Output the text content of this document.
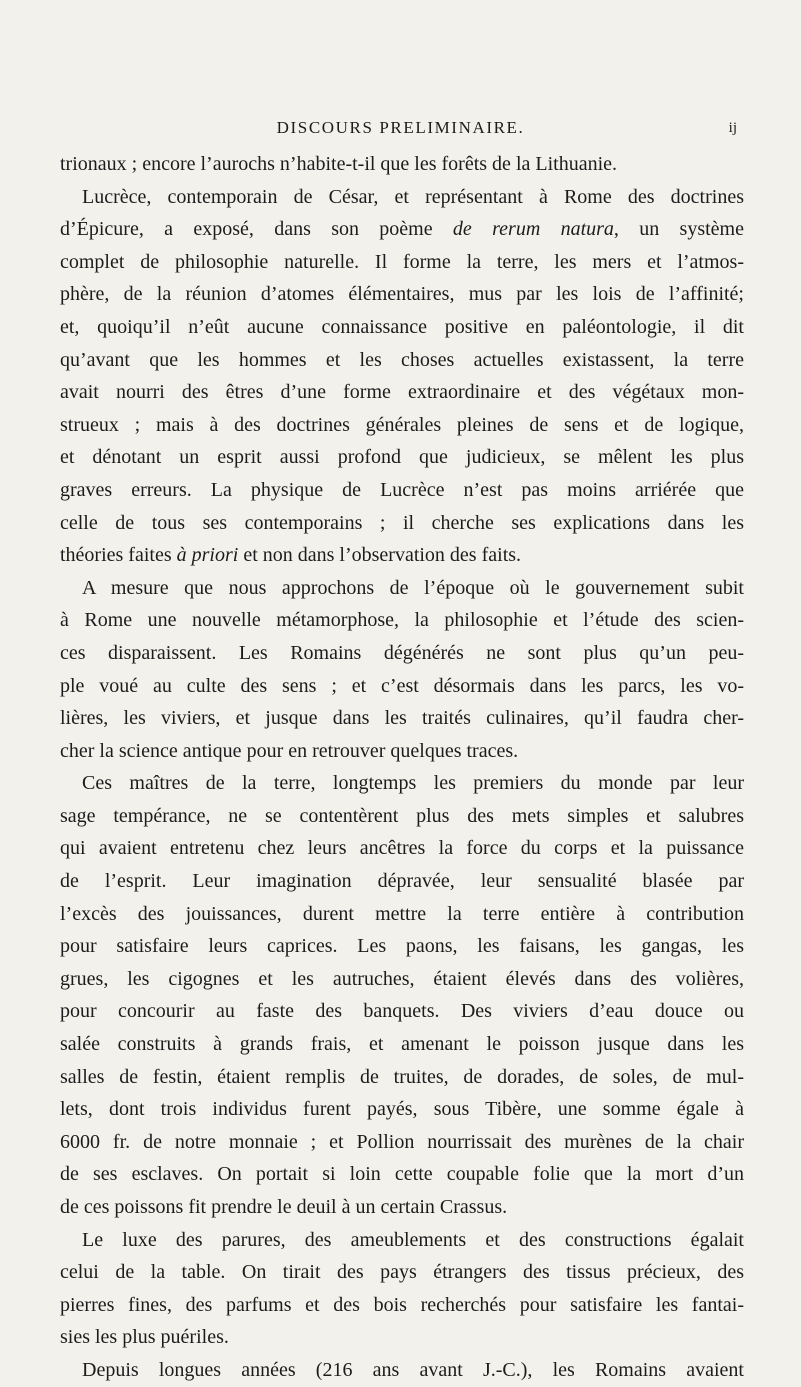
DISCOURS PRELIMINAIRE.	ij
trionaux ; encore l’aurochs n’habite-t-il que les forêts de la Lithuanie.
Lucrèce, contemporain de César, et représentant à Rome des doctrines
d’Épicure, a exposé, dans son poème de rerum natura, un système
complet de philosophie naturelle. Il forme la terre, les mers et l’atmos-
phère, de la réunion d’atomes élémentaires, mus par les lois de l’affinité;
et, quoiqu’il n’eût aucune connaissance positive en paléontologie, il dit
qu’avant que les hommes et les choses actuelles existassent, la terre
avait nourri des êtres d’une forme extraordinaire et des végétaux mon-
strueux ; mais à des doctrines générales pleines de sens et de logique,
et dénotant un esprit aussi profond que judicieux, se mêlent les plus
graves erreurs. La physique de Lucrèce n’est pas moins arriérée que
celle de tous ses contemporains ; il cherche ses explications dans les
théories faites à priori et non dans l’observation des faits.
A mesure que nous approchons de l’époque où le gouvernement subit
à Rome une nouvelle métamorphose, la philosophie et l’étude des scien-
ces disparaissent. Les Romains dégénérés ne sont plus qu’un peu-
ple voué au culte des sens ; et c’est désormais dans les parcs, les vo-
lières, les viviers, et jusque dans les traités culinaires, qu’il faudra cher-
cher la science antique pour en retrouver quelques traces.
Ces maîtres de la terre, longtemps les premiers du monde par leur
sage tempérance, ne se contentèrent plus des mets simples et salubres
qui avaient entretenu chez leurs ancêtres la force du corps et la puissance
de l’esprit. Leur imagination dépravée, leur sensualité blasée par
l’excès des jouissances, durent mettre la terre entière à contribution
pour satisfaire leurs caprices. Les paons, les faisans, les gangas, les
grues, les cigognes et les autruches, étaient élevés dans des volières,
pour concourir au faste des banquets. Des viviers d’eau douce ou
salée construits à grands frais, et amenant le poisson jusque dans les
salles de festin, étaient remplis de truites, de dorades, de soles, de mul-
lets, dont trois individus furent payés, sous Tibère, une somme égale à
6000 fr. de notre monnaie ; et Pollion nourrissait des murènes de la chair
de ses esclaves. On portait si loin cette coupable folie que la mort d’un
de ces poissons fit prendre le deuil à un certain Crassus.
Le luxe des parures, des ameublements et des constructions égalait
celui de la table. On tirait des pays étrangers des tissus précieux, des
pierres fines, des parfums et des bois recherchés pour satisfaire les fantai-
sies les plus puériles.
Depuis longues années (216 ans avant J.-C.), les Romains avaient
